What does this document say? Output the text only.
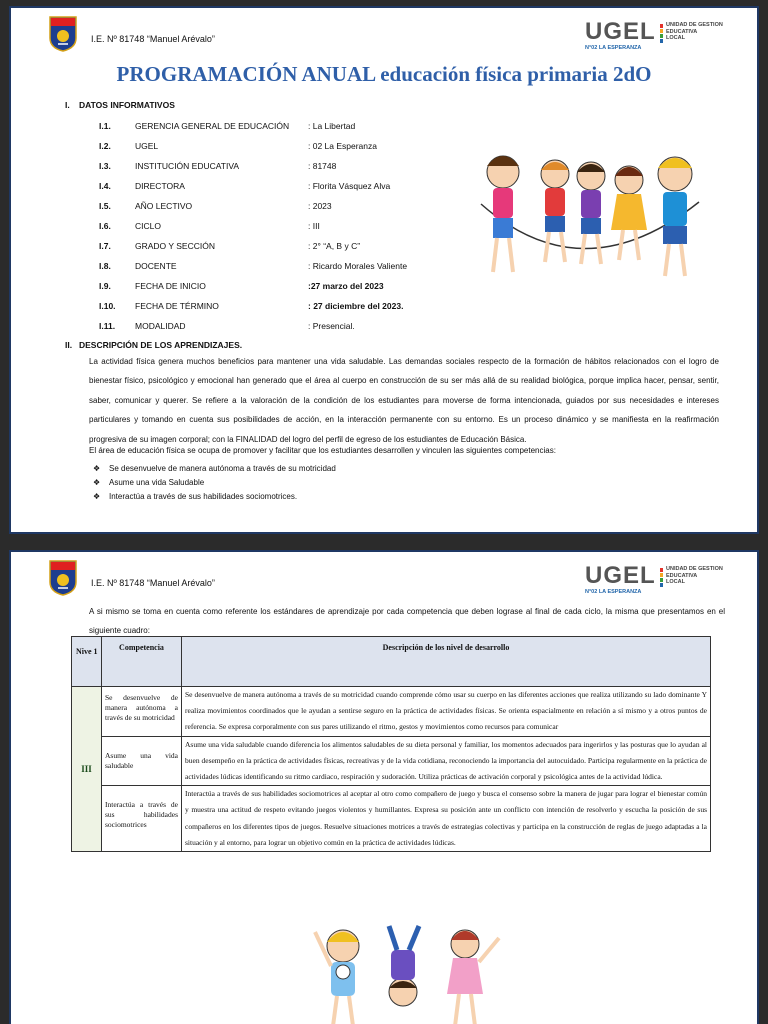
I.E. Nº 81748 “Manuel Arévalo”	UGEL
N°02 LA ESPERANZA
UNIDAD DE GESTION
EDUCATIVA
LOCAL
PROGRAMACIÓN ANUAL educación física primaria 2dO
I. DATOS INFORMATIVOS
I.1.	GERENCIA GENERAL DE EDUCACIÓN : La Libertad
I.2.	UGEL	: 02 La Esperanza
I.3.	INSTITUCIÓN EDUCATIVA	: 81748
I.4.	DIRECTORA	: Florita Vásquez Alva
I.5.	AÑO LECTIVO	: 2023
I.6.	CICLO	: III
I.7.	GRADO Y SECCIÓN	: 2° “A, B y C”
I.8.	DOCENTE	: Ricardo Morales Valiente
I.9.	FECHA DE INICIO	:27 marzo del 2023
I.10. FECHA DE TÉRMINO	: 27 diciembre del 2023.
I.11. MODALIDAD	: Presencial.
II. DESCRIPCIÓN DE LOS APRENDIZAJES.
La actividad física genera muchos beneficios para mantener una vida saludable. Las demandas sociales respecto de la formación de hábitos relacionados con el logro de bienestar físico, psicológico y emocional han generado que el área al cuerpo en construcción de su ser más allá de su realidad biológica, porque implica hacer, pensar, sentir, saber, comunicar y querer. Se refiere a la valoración de la condición de los estudiantes para moverse de forma intencionada, guiados por sus necesidades e intereses particulares y tomando en cuenta sus posibilidades de acción, en la interacción permanente con su entorno. Es un proceso dinámico y se manifiesta en la reafirmación progresiva de su imagen corporal; con la FINALIDAD del logro del perfil de egreso de los estudiantes de Educación Básica.
El área de educación física se ocupa de promover y facilitar que los estudiantes desarrollen y vinculen las siguientes competencias:
❖ Se desenvuelve de manera autónoma a través de su motricidad
❖ Asume una vida Saludable
❖ Interactúa a través de sus habilidades sociomotrices.
I.E. Nº 81748 “Manuel Arévalo”	UGEL
N°02 LA ESPERANZA
UNIDAD DE GESTION
EDUCATIVA
LOCAL
A si mismo se toma en cuenta como referente los estándares de aprendizaje por cada competencia que deben lograse al final de cada ciclo, la misma que presentamos en el siguiente cuadro:
Nive 1	Competencia	Descripción de los nivel de desarrollo
III	Se desenvuelve de manera autónoma a través de su motricidad	Se desenvuelve de manera autónoma a través de su motricidad cuando comprende cómo usar su cuerpo en las diferentes acciones que realiza utilizando su lado dominante Y realiza movimientos coordinados que le ayudan a sentirse seguro en la práctica de actividades físicas. Se orienta espacialmente en relación a sí mismo y a otros puntos de referencia. Se expresa corporalmente con sus pares utilizando el ritmo, gestos y movimientos como recursos para comunicar
	Asume una vida saludable	Asume una vida saludable cuando diferencia los alimentos saludables de su dieta personal y familiar, los momentos adecuados para ingerirlos y las posturas que lo ayudan al buen desempeño en la práctica de actividades físicas, recreativas y de la vida cotidiana, reconociendo la importancia del autocuidado. Participa regularmente en la práctica de actividades lúdicas identificando su ritmo cardiaco, respiración y sudoración. Utiliza prácticas de activación corporal y psicológica antes de la actividad lúdica.
	Interactúa a través de sus habilidades sociomotrices	Interactúa a través de sus habilidades sociomotrices al aceptar al otro como compañero de juego y busca el consenso sobre la manera de jugar para lograr el bienestar común y muestra una actitud de respeto evitando juegos violentos y humillantes. Expresa su posición ante un conflicto con intención de resolverlo y escucha la posición de sus compañeros en los diferentes tipos de juegos. Resuelve situaciones motrices a través de estrategias colectivas y participa en la construcción de reglas de juego adaptadas a la situación y al entorno, para lograr un objetivo común en la práctica de actividades lúdicas.
